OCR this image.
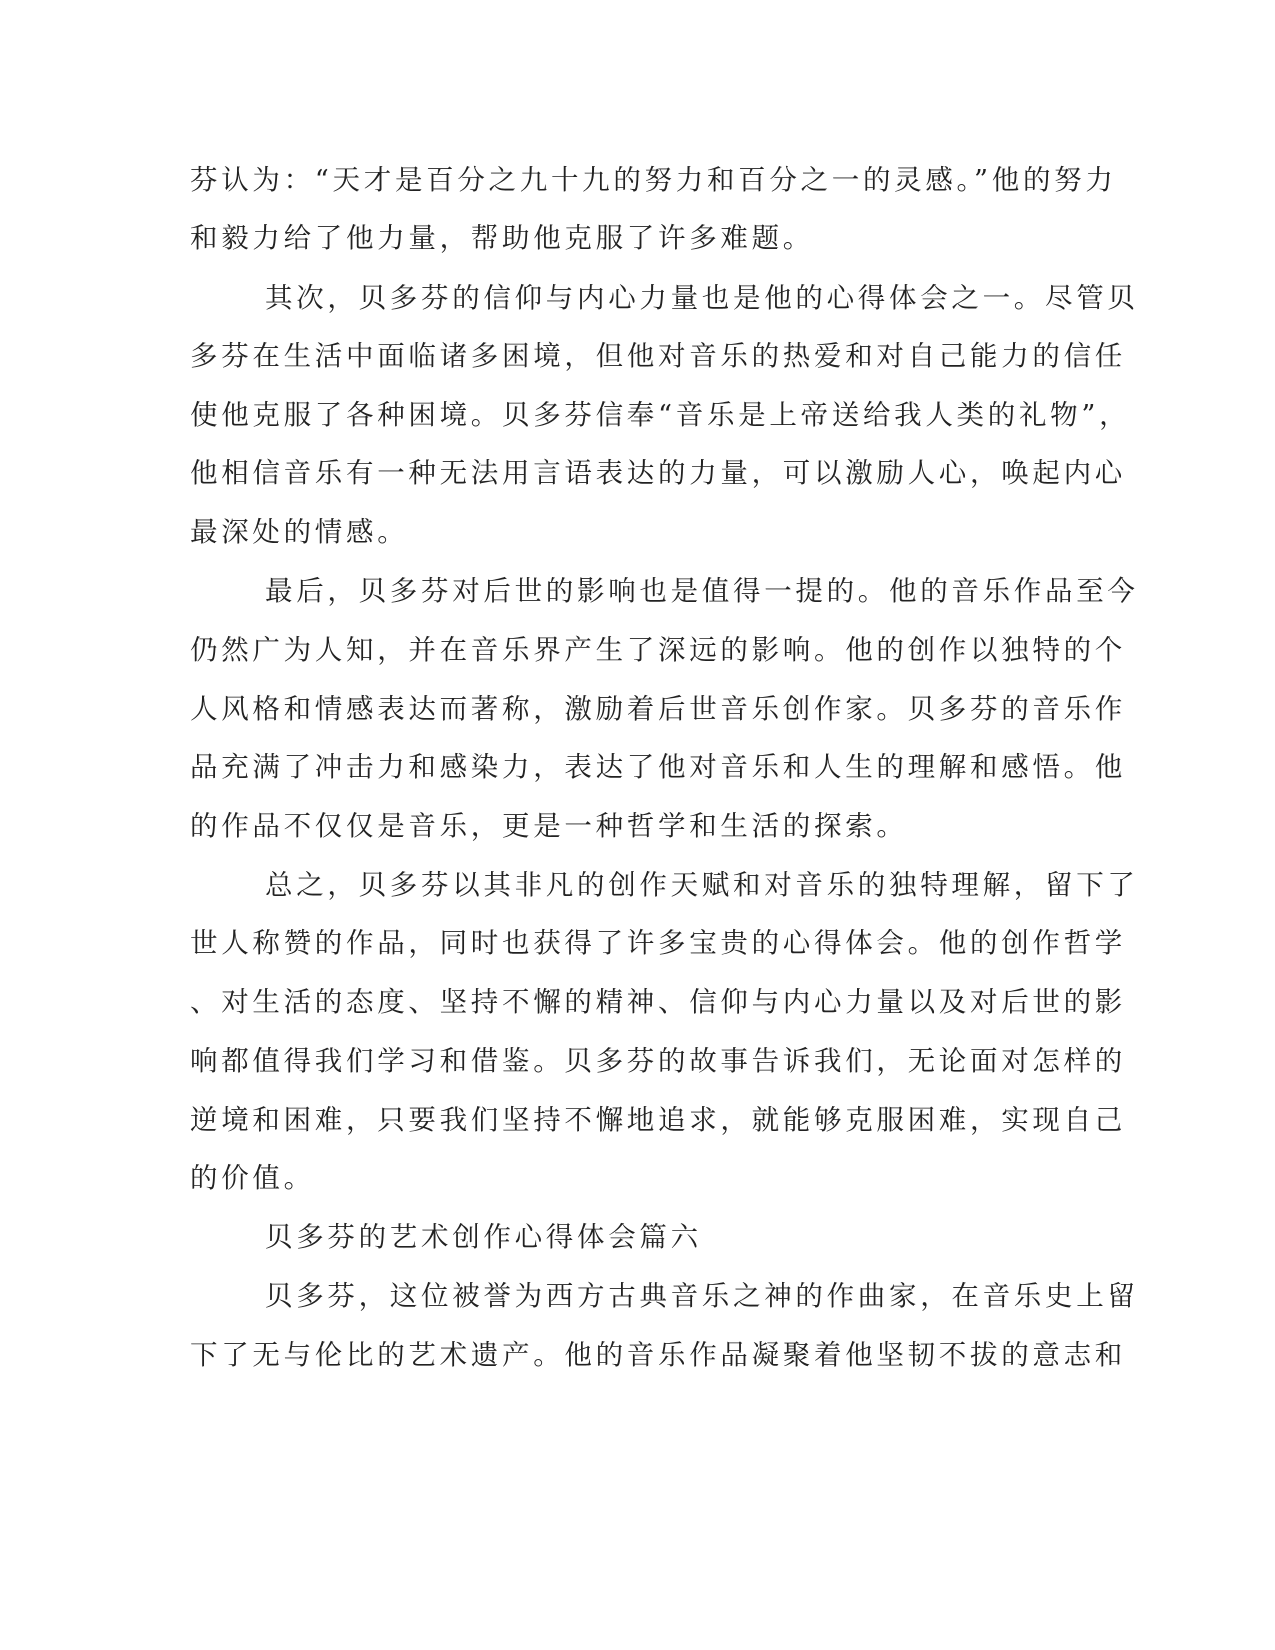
芬认为：“天才是百分之九十九的努力和百分之一的灵感。”他的努力
和毅力给了他力量，帮助他克服了许多难题。
其次，贝多芬的信仰与内心力量也是他的心得体会之一。尽管贝
多芬在生活中面临诸多困境，但他对音乐的热爱和对自己能力的信任
使他克服了各种困境。贝多芬信奉“音乐是上帝送给我人类的礼物”，
他相信音乐有一种无法用言语表达的力量，可以激励人心，唤起内心
最深处的情感。
最后，贝多芬对后世的影响也是值得一提的。他的音乐作品至今
仍然广为人知，并在音乐界产生了深远的影响。他的创作以独特的个
人风格和情感表达而著称，激励着后世音乐创作家。贝多芬的音乐作
品充满了冲击力和感染力，表达了他对音乐和人生的理解和感悟。他
的作品不仅仅是音乐，更是一种哲学和生活的探索。
总之，贝多芬以其非凡的创作天赋和对音乐的独特理解，留下了
世人称赞的作品，同时也获得了许多宝贵的心得体会。他的创作哲学
、对生活的态度、坚持不懈的精神、信仰与内心力量以及对后世的影
响都值得我们学习和借鉴。贝多芬的故事告诉我们，无论面对怎样的
逆境和困难，只要我们坚持不懈地追求，就能够克服困难，实现自己
的价值。
贝多芬的艺术创作心得体会篇六
贝多芬，这位被誉为西方古典音乐之神的作曲家，在音乐史上留
下了无与伦比的艺术遗产。他的音乐作品凝聚着他坚韧不拔的意志和
